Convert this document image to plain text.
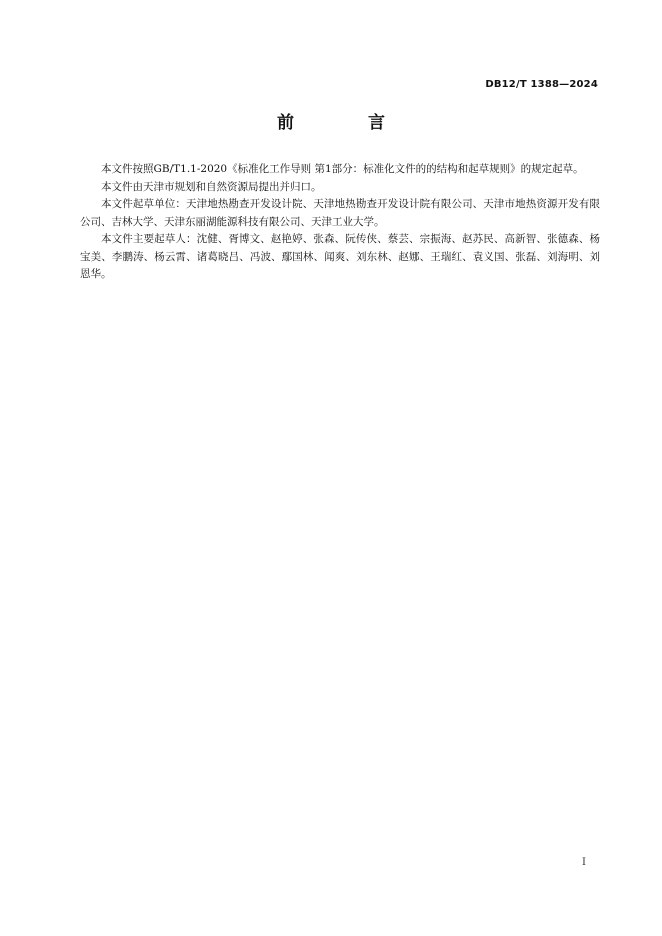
DB12/T 1388—2024
前 言

本文件按照GB/T1.1-2020《标准化工作导则 第1部分：标准化文件的的结构和起草规则》的规定起草。

本文件由天津市规划和自然资源局提出并归口。

本文件起草单位：天津地热勘查开发设计院、天津地热勘查开发设计院有限公司、天津市地热资源开发有限公司、吉林大学、天津东丽湖能源科技有限公司、天津工业大学。

本文件主要起草人：沈健、胥博文、赵艳婷、张森、阮传侠、蔡芸、宗振海、赵苏民、高新智、张德森、杨宝美、李鹏涛、杨云霄、诸葛晓吕、冯波、鄢国林、闻爽、刘东林、赵娜、王瑞红、袁义国、张磊、刘海明、刘恩华。

I
